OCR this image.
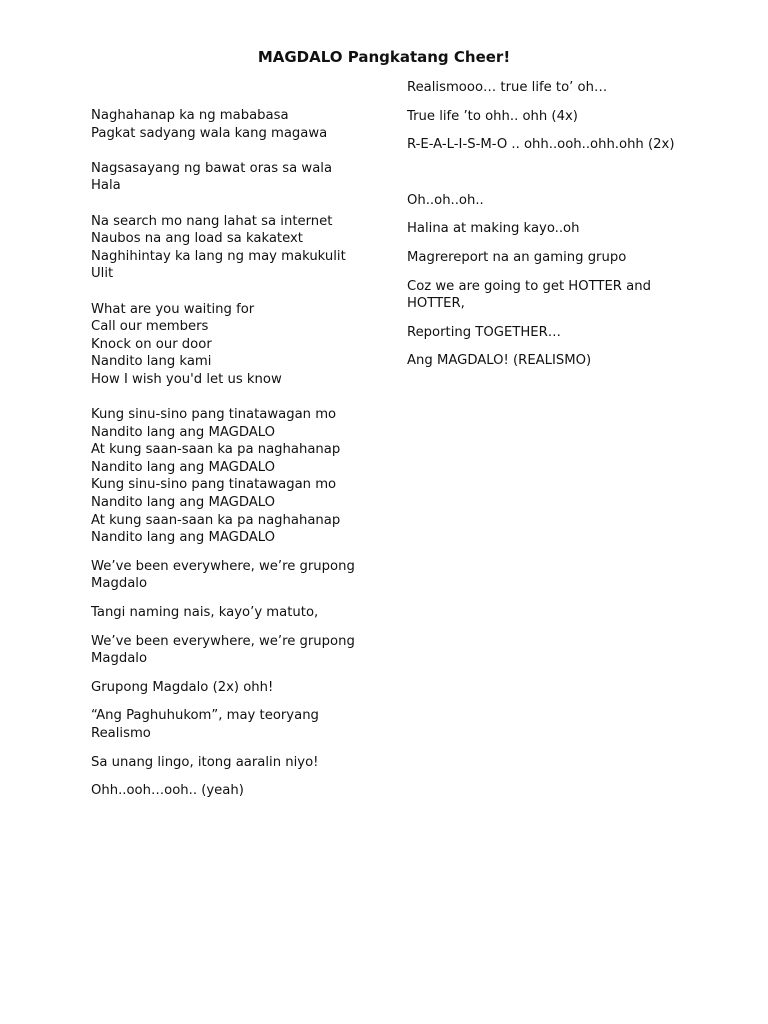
MAGDALO Pangkatang Cheer!
Naghahanap ka ng mababasa
Pagkat sadyang wala kang magawa
Nagsasayang ng bawat oras sa wala
Hala
Na search mo nang lahat sa internet
Naubos na ang load sa kakatext
Naghihintay ka lang ng may makukulit
Ulit
What are you waiting for
Call our members
Knock on our door
Nandito lang kami
How I wish you'd let us know
Kung sinu-sino pang tinatawagan mo
Nandito lang ang MAGDALO
At kung saan-saan ka pa naghahanap
Nandito lang ang MAGDALO
Kung sinu-sino pang tinatawagan mo
Nandito lang ang MAGDALO
At kung saan-saan ka pa naghahanap
Nandito lang ang MAGDALO
We’ve been everywhere, we’re grupong Magdalo
Tangi naming nais, kayo’y matuto,
We’ve been everywhere, we’re grupong Magdalo
Grupong Magdalo (2x) ohh!
“Ang Paghuhukom”, may teoryang Realismo
Sa unang lingo, itong aaralin niyo!
Ohh..ooh…ooh.. (yeah)
Realismooo… true life to’ oh…
True life ’to ohh.. ohh (4x)
R-E-A-L-I-S-M-O .. ohh..ooh..ohh.ohh (2x)
Oh..oh..oh..
Halina at making kayo..oh
Magrereport na an gaming grupo
Coz we are going to get HOTTER and HOTTER,
Reporting TOGETHER…
Ang MAGDALO! (REALISMO)
